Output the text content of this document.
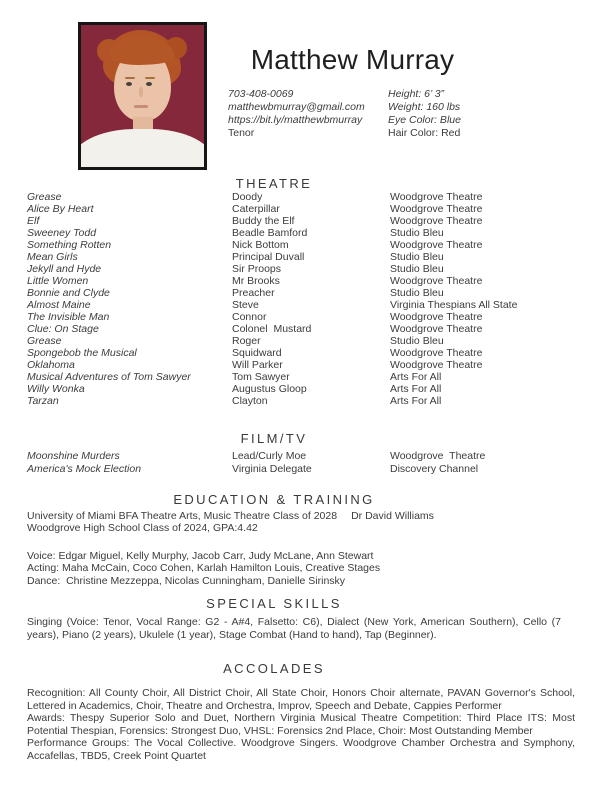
Matthew Murray
703-408-0069
matthewbmurray@gmail.com
https://bit.ly/matthewbmurray
Tenor
Height: 6’ 3”
Weight: 160 lbs
Eye Color: Blue
Hair Color: Red
THEATRE
Grease	Doody	Woodgrove Theatre
Alice By Heart	Caterpillar	Woodgrove Theatre
Elf	Buddy the Elf	Woodgrove Theatre
Sweeney Todd	Beadle Bamford	Studio Bleu
Something Rotten	Nick Bottom	Woodgrove Theatre
Mean Girls	Principal Duvall	Studio Bleu
Jekyll and Hyde	Sir Proops	Studio Bleu
Little Women	Mr Brooks	Woodgrove Theatre
Bonnie and Clyde	Preacher	Studio Bleu
Almost Maine	Steve	Virginia Thespians All State
The Invisible Man	Connor	Woodgrove Theatre
Clue: On Stage	Colonel  Mustard	Woodgrove Theatre
Grease	Roger	Studio Bleu
Spongebob the Musical	Squidward	Woodgrove Theatre
Oklahoma	Will Parker	Woodgrove Theatre
Musical Adventures of Tom Sawyer	Tom Sawyer	Arts For All
Willy Wonka	Augustus Gloop	Arts For All
Tarzan	Clayton	Arts For All
FILM/TV
Moonshine Murders	Lead/Curly Moe	Woodgrove  Theatre
America's Mock Election	Virginia Delegate	Discovery Channel
EDUCATION & TRAINING
University of Miami BFA Theatre Arts, Music Theatre Class of 2028 Dr David Williams
Woodgrove High School Class of 2024, GPA:4.42
Voice: Edgar Miguel, Kelly Murphy, Jacob Carr, Judy McLane, Ann Stewart
Acting: Maha McCain, Coco Cohen, Karlah Hamilton Louis, Creative Stages
Dance:  Christine Mezzeppa, Nicolas Cunningham, Danielle Sirinsky
SPECIAL SKILLS

Singing (Voice: Tenor, Vocal Range: G2 - A#4, Falsetto: C6), Dialect (New York, American Southern), Cello (7 years), Piano (2 years), Ukulele (1 year), Stage Combat (Hand to hand), Tap (Beginner).

ACCOLADES

Recognition: All County Choir, All District Choir, All State Choir, Honors Choir alternate, PAVAN Governor's School, Lettered in Academics, Choir, Theatre and Orchestra, Improv, Speech and Debate, Cappies Performer

Awards: Thespy Superior Solo and Duet, Northern Virginia Musical Theatre Competition: Third Place ITS: Most Potential Thespian, Forensics: Strongest Duo, VHSL: Forensics 2nd Place, Choir: Most Outstanding Member

Performance Groups: The Vocal Collective. Woodgrove Singers. Woodgrove Chamber Orchestra and Symphony, Accafellas, TBD5, Creek Point Quartet
